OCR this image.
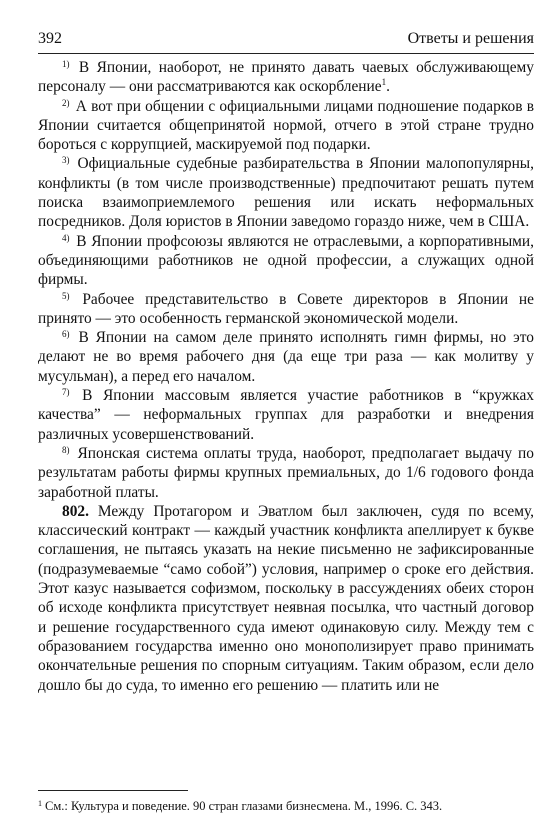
392	Ответы и решения

$^{1)}$ В Японии, наоборот, не принято давать чаевых обслуживающему персоналу — они рассматриваются как оскорбление$^1$.

$^{2)}$ А вот при общении с официальными лицами подношение подарков в Японии считается общепринятой нормой, отчего в этой стране трудно бороться с коррупцией, маскируемой под подарки.

$^{3)}$ Официальные судебные разбирательства в Японии малопопулярны, конфликты (в том числе производственные) предпочитают решать путем поиска взаимоприемлемого решения или искать неформальных посредников. Доля юристов в Японии заведомо гораздо ниже, чем в США.

$^{4)}$ В Японии профсоюзы являются не отраслевыми, а корпоративными, объединяющими работников не одной профессии, а служащих одной фирмы.

$^{5)}$ Рабочее представительство в Совете директоров в Японии не принято — это особенность германской экономической модели.

$^{6)}$ В Японии на самом деле принято исполнять гимн фирмы, но это делают не во время рабочего дня (да еще три раза — как молитву у мусульман), а перед его началом.

$^{7)}$ В Японии массовым является участие работников в “кружках качества” — неформальных группах для разработки и внедрения различных усовершенствований.

$^{8)}$ Японская система оплаты труда, наоборот, предполагает выдачу по результатам работы фирмы крупных премиальных, до 1/6 годового фонда заработной платы.

802. Между Протагором и Эватлом был заключен, судя по всему, классический контракт — каждый участник конфликта апеллирует к букве соглашения, не пытаясь указать на некие письменно не зафиксированные (подразумеваемые “само собой”) условия, например о сроке его действия. Этот казус называется софизмом, поскольку в рассуждениях обеих сторон об исходе конфликта присутствует неявная посылка, что частный договор и решение государственного суда имеют одинаковую силу. Между тем с образованием государства именно оно монополизирует право принимать окончательные решения по спорным ситуациям. Таким образом, если дело дошло бы до суда, то именно его решению — платить или не

$^1$ См.: Культура и поведение. 90 стран глазами бизнесмена. М., 1996. С. 343.
